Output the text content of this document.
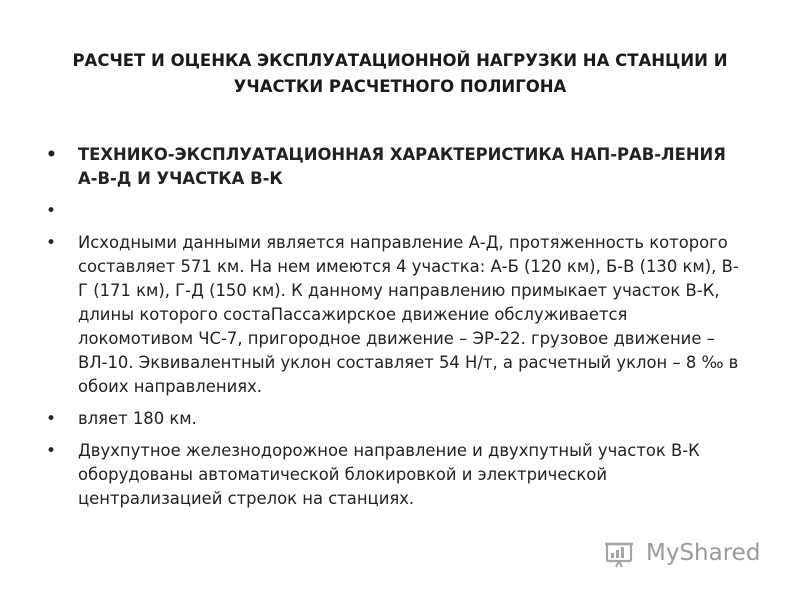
РАСЧЕТ И ОЦЕНКА ЭКСПЛУАТАЦИОННОЙ НАГРУЗКИ НА СТАНЦИИ И УЧАСТКИ РАСЧЕТНОГО ПОЛИГОНА
• ТЕХНИКО-ЭКСПЛУАТАЦИОННАЯ ХАРАКТЕРИСТИКА НАП-РАВ-ЛЕНИЯ А-В-Д И УЧАСТКА В-К
•
• Исходными данными является направление А-Д, протяженность которого составляет 571 км. На нем имеются 4 участка: А-Б (120 км), Б-В (130 км), В-Г (171 км), Г-Д (150 км). К данному направлению примыкает участок В-К, длины которого состаПассажирское движение обслуживается локомотивом ЧС-7, пригородное движение – ЭР-22. грузовое движение – ВЛ-10. Эквивалентный уклон составляет 54 Н/т, а расчетный уклон – 8 ‰ в обоих направлениях.
• вляет 180 км.
• Двухпутное железнодорожное направление и двухпутный участок В-К оборудованы автоматической блокировкой и электрической централизацией стрелок на станциях.
MyShared
